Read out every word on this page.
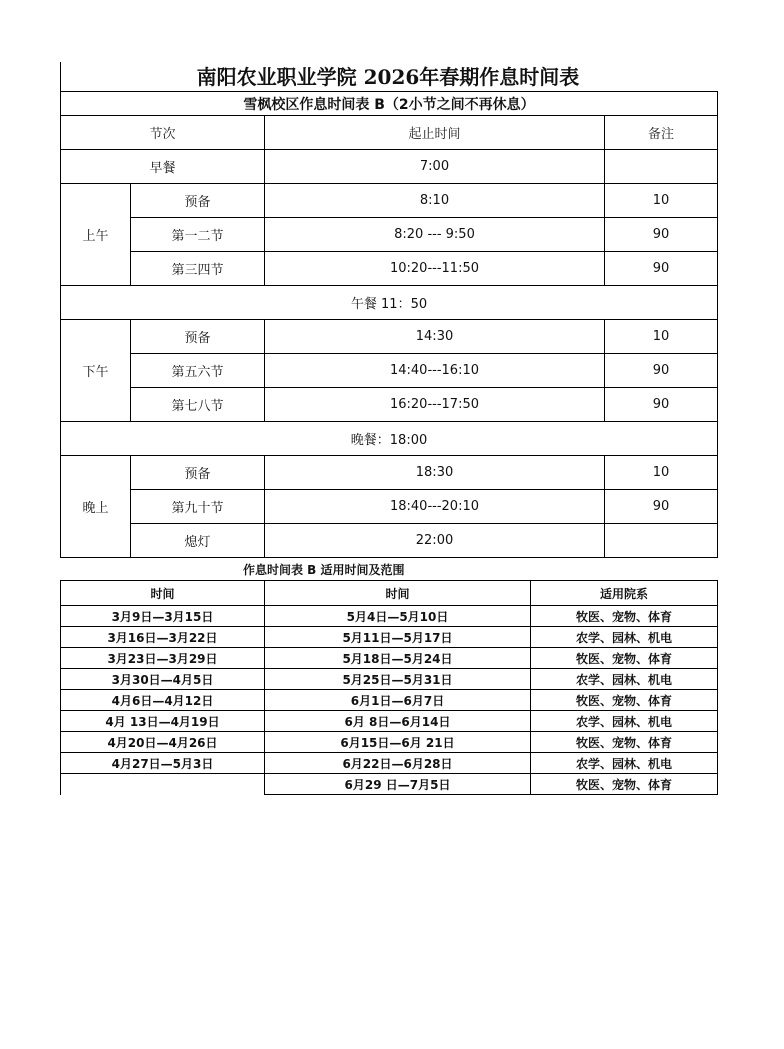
南阳农业职业学院 2026年春期作息时间表
雪枫校区作息时间表 B（2小节之间不再休息）			
节次		起止时间	备注
早餐		7:00	
上午	预备	8:10	10
	第一二节	8:20 --- 9:50	90
	第三四节	10:20---11:50	90
午餐 11：50			
下午	预备	14:30	10
	第五六节	14:40---16:10	90
	第七八节	16:20---17:50	90
晚餐：18:00			
晚上	预备	18:30	10
	第九十节	18:40---20:10	90
	熄灯	22:00	
作息时间表 B 适用时间及范围
时间	时间	适用院系
3月9日—3月15日	5月4日—5月10日	牧医、宠物、体育
3月16日—3月22日	5月11日—5月17日	农学、园林、机电
3月23日—3月29日	5月18日—5月24日	牧医、宠物、体育
3月30日—4月5日	5月25日—5月31日	农学、园林、机电
4月6日—4月12日	6月1日—6月7日	牧医、宠物、体育
4月 13日—4月19日	6月 8日—6月14日	农学、园林、机电
4月20日—4月26日	6月15日—6月 21日	牧医、宠物、体育
4月27日—5月3日	6月22日—6月28日	农学、园林、机电
	6月29 日—7月5日	牧医、宠物、体育
